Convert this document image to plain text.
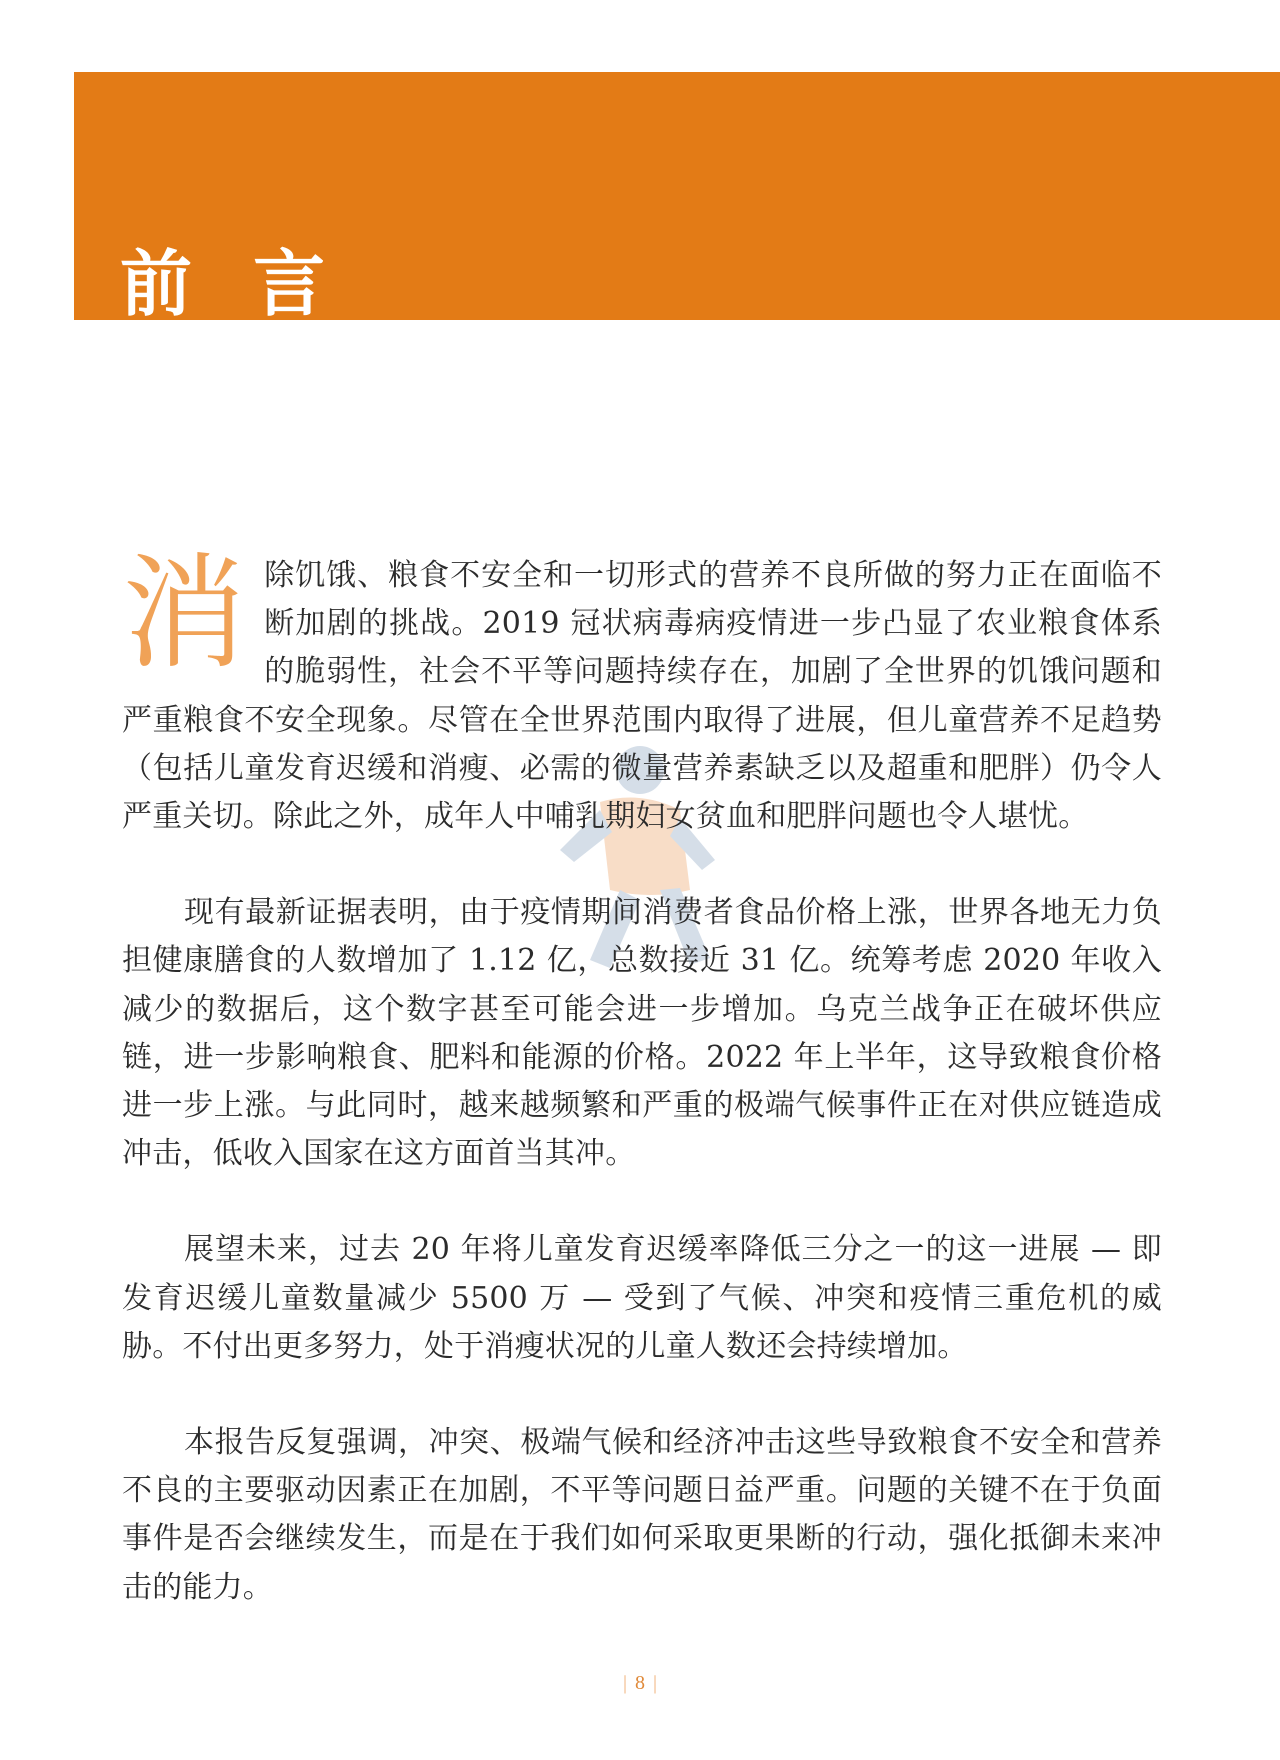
前 言

消 除饥饿、粮食不安全和一切形式的营养不良所做的努力正在面临不断加剧的挑战。2019 冠状病毒病疫情进一步凸显了农业粮食体系的脆弱性，社会不平等问题持续存在，加剧了全世界的饥饿问题和严重粮食不安全现象。尽管在全世界范围内取得了进展，但儿童营养不足趋势（包括儿童发育迟缓和消瘦、必需的微量营养素缺乏以及超重和肥胖）仍令人严重关切。除此之外，成年人中哺乳期妇女贫血和肥胖问题也令人堪忧。

现有最新证据表明，由于疫情期间消费者食品价格上涨，世界各地无力负担健康膳食的人数增加了 1.12 亿，总数接近 31 亿。统筹考虑 2020 年收入减少的数据后，这个数字甚至可能会进一步增加。乌克兰战争正在破坏供应链，进一步影响粮食、肥料和能源的价格。2022 年上半年，这导致粮食价格进一步上涨。与此同时，越来越频繁和严重的极端气候事件正在对供应链造成冲击，低收入国家在这方面首当其冲。

展望未来，过去 20 年将儿童发育迟缓率降低三分之一的这一进展 — 即发育迟缓儿童数量减少 5500 万 — 受到了气候、冲突和疫情三重危机的威胁。不付出更多努力，处于消瘦状况的儿童人数还会持续增加。

本报告反复强调，冲突、极端气候和经济冲击这些导致粮食不安全和营养不良的主要驱动因素正在加剧，不平等问题日益严重。问题的关键不在于负面事件是否会继续发生，而是在于我们如何采取更果断的行动，强化抵御未来冲击的能力。

| 8 |
